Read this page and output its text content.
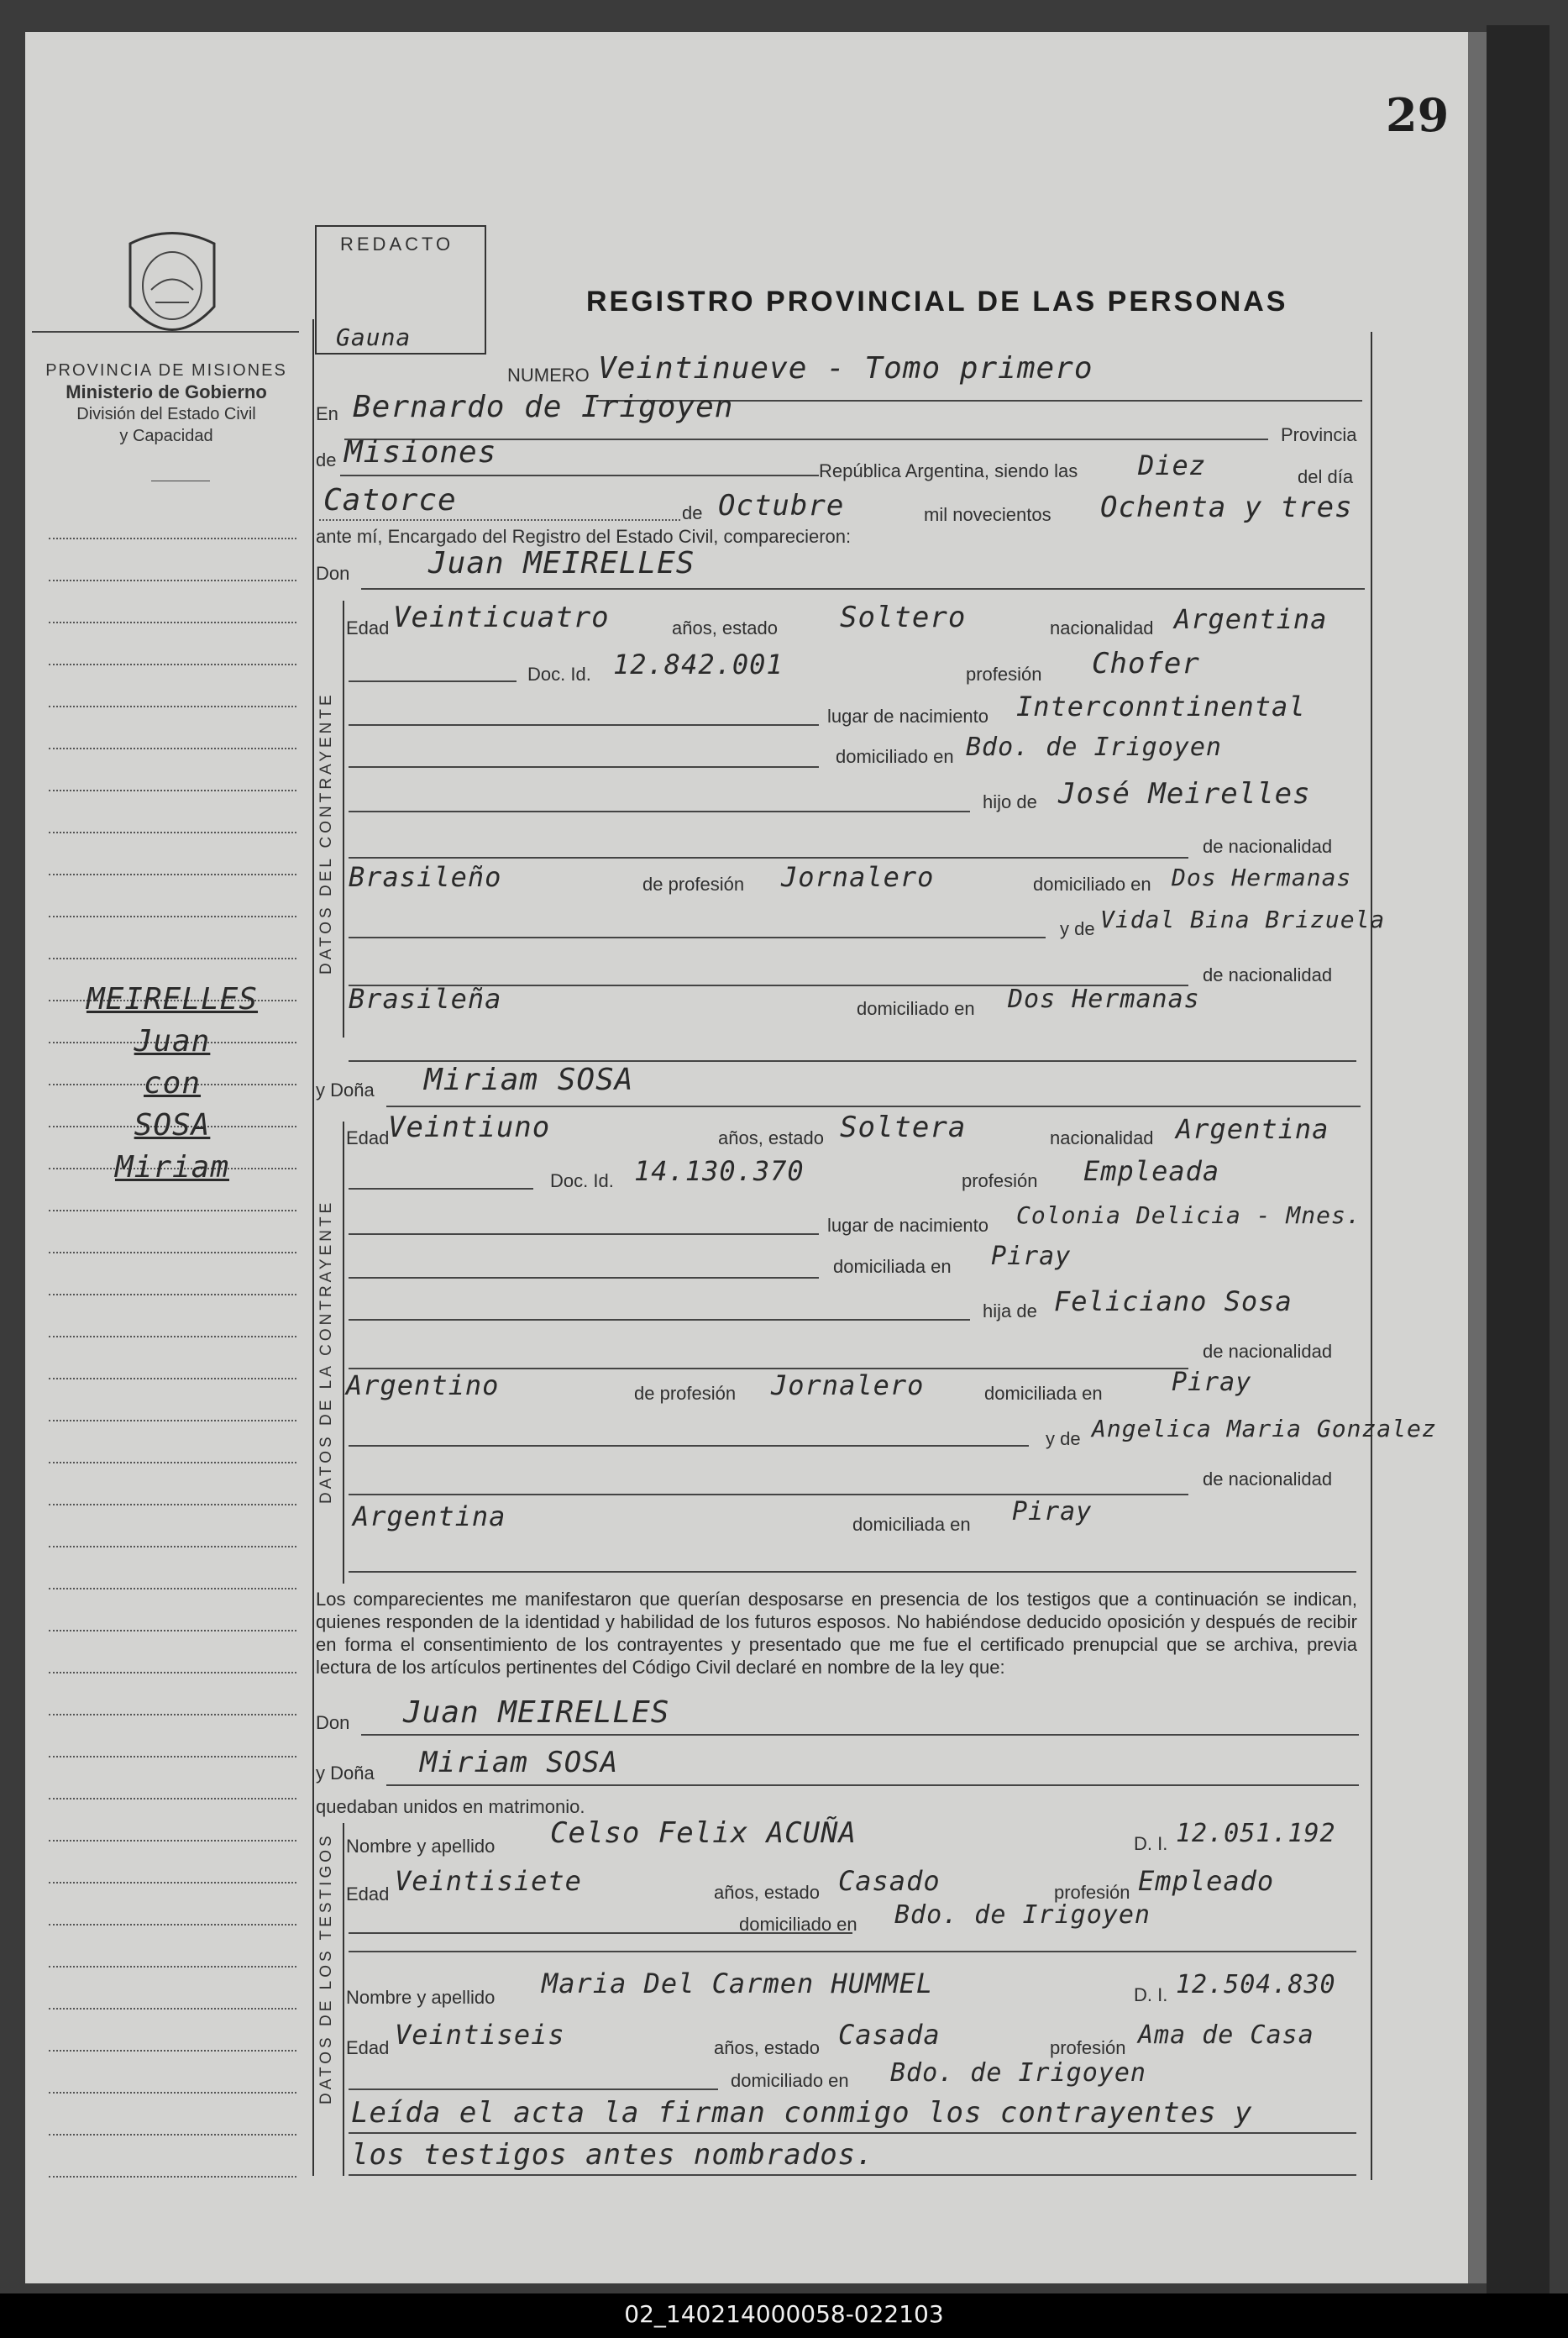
29
PROVINCIA DE MISIONES
Ministerio de Gobierno
División del Estado Civil
y Capacidad
MEIRELLES
Juan
con
SOSA
Miriam
REDACTO
Gauna
REGISTRO PROVINCIAL DE LAS PERSONAS
NUMERO Veintinueve - Tomo primero
En Bernardo de Irigoyen
Provincia
de Misiones
República Argentina, siendo las Diez	del día
Catorce	de Octubre	mil novecientos Ochenta y tres
ante mí, Encargado del Registro del Estado Civil, comparecieron:
Don	Juan MEIRELLES
DATOS DEL CONTRAYENTE
Edad Veinticuatro	años, estado Soltero	nacionalidad Argentina
Doc. Id. 12.842.001	profesión Chofer
lugar de nacimiento Interconntinental
domiciliado en Bdo. de Irigoyen
hijo de José Meirelles
de nacionalidad
Brasileño	de profesión Jornalero	domiciliado en Dos Hermanas
y de Vidal Bina Brizuela
de nacionalidad
Brasileña	domiciliado en Dos Hermanas
y Doña Miriam SOSA
DATOS DE LA CONTRAYENTE
Edad
Veintiuno	años, estado Soltera	nacionalidad Argentina
Doc. Id. 14.130.370	profesión Empleada
lugar de nacimiento Colonia Delicia - Mnes.
domiciliada en Piray
hija de Feliciano Sosa
de nacionalidad
Argentino	de profesión Jornalero	domiciliada en	Piray
y de Angelica Maria Gonzalez
de nacionalidad
Argentina	domiciliada en Piray
Los comparecientes me manifestaron que querían desposarse en presencia de los testigos que a continuación se indican, quienes responden de la identidad y habilidad de los futuros esposos. No habiéndose deducido oposición y después de recibir en forma el consentimiento de los contrayentes y presentado que me fue el certificado prenupcial que se archiva, previa lectura de los artículos pertinentes del Código Civil declaré en nombre de la ley que:
Don Juan MEIRELLES
y Doña Miriam SOSA
quedaban unidos en matrimonio.
DATOS DE LOS TESTIGOS Nombre y apellido Celso Felix ACUÑA	D. I. 12.051.192
Edad Veintisiete	años, estado Casado	profesión Empleado
domiciliado en Bdo. de Irigoyen
Nombre y apellido Maria Del Carmen HUMMEL	D. I. 12.504.830
Edad Veintiseis	años, estado Casada	profesión Ama de Casa
domiciliado en Bdo. de Irigoyen
Leída el acta la firman conmigo los contrayentes y
los testigos antes nombrados.
02_140214000058-022103
